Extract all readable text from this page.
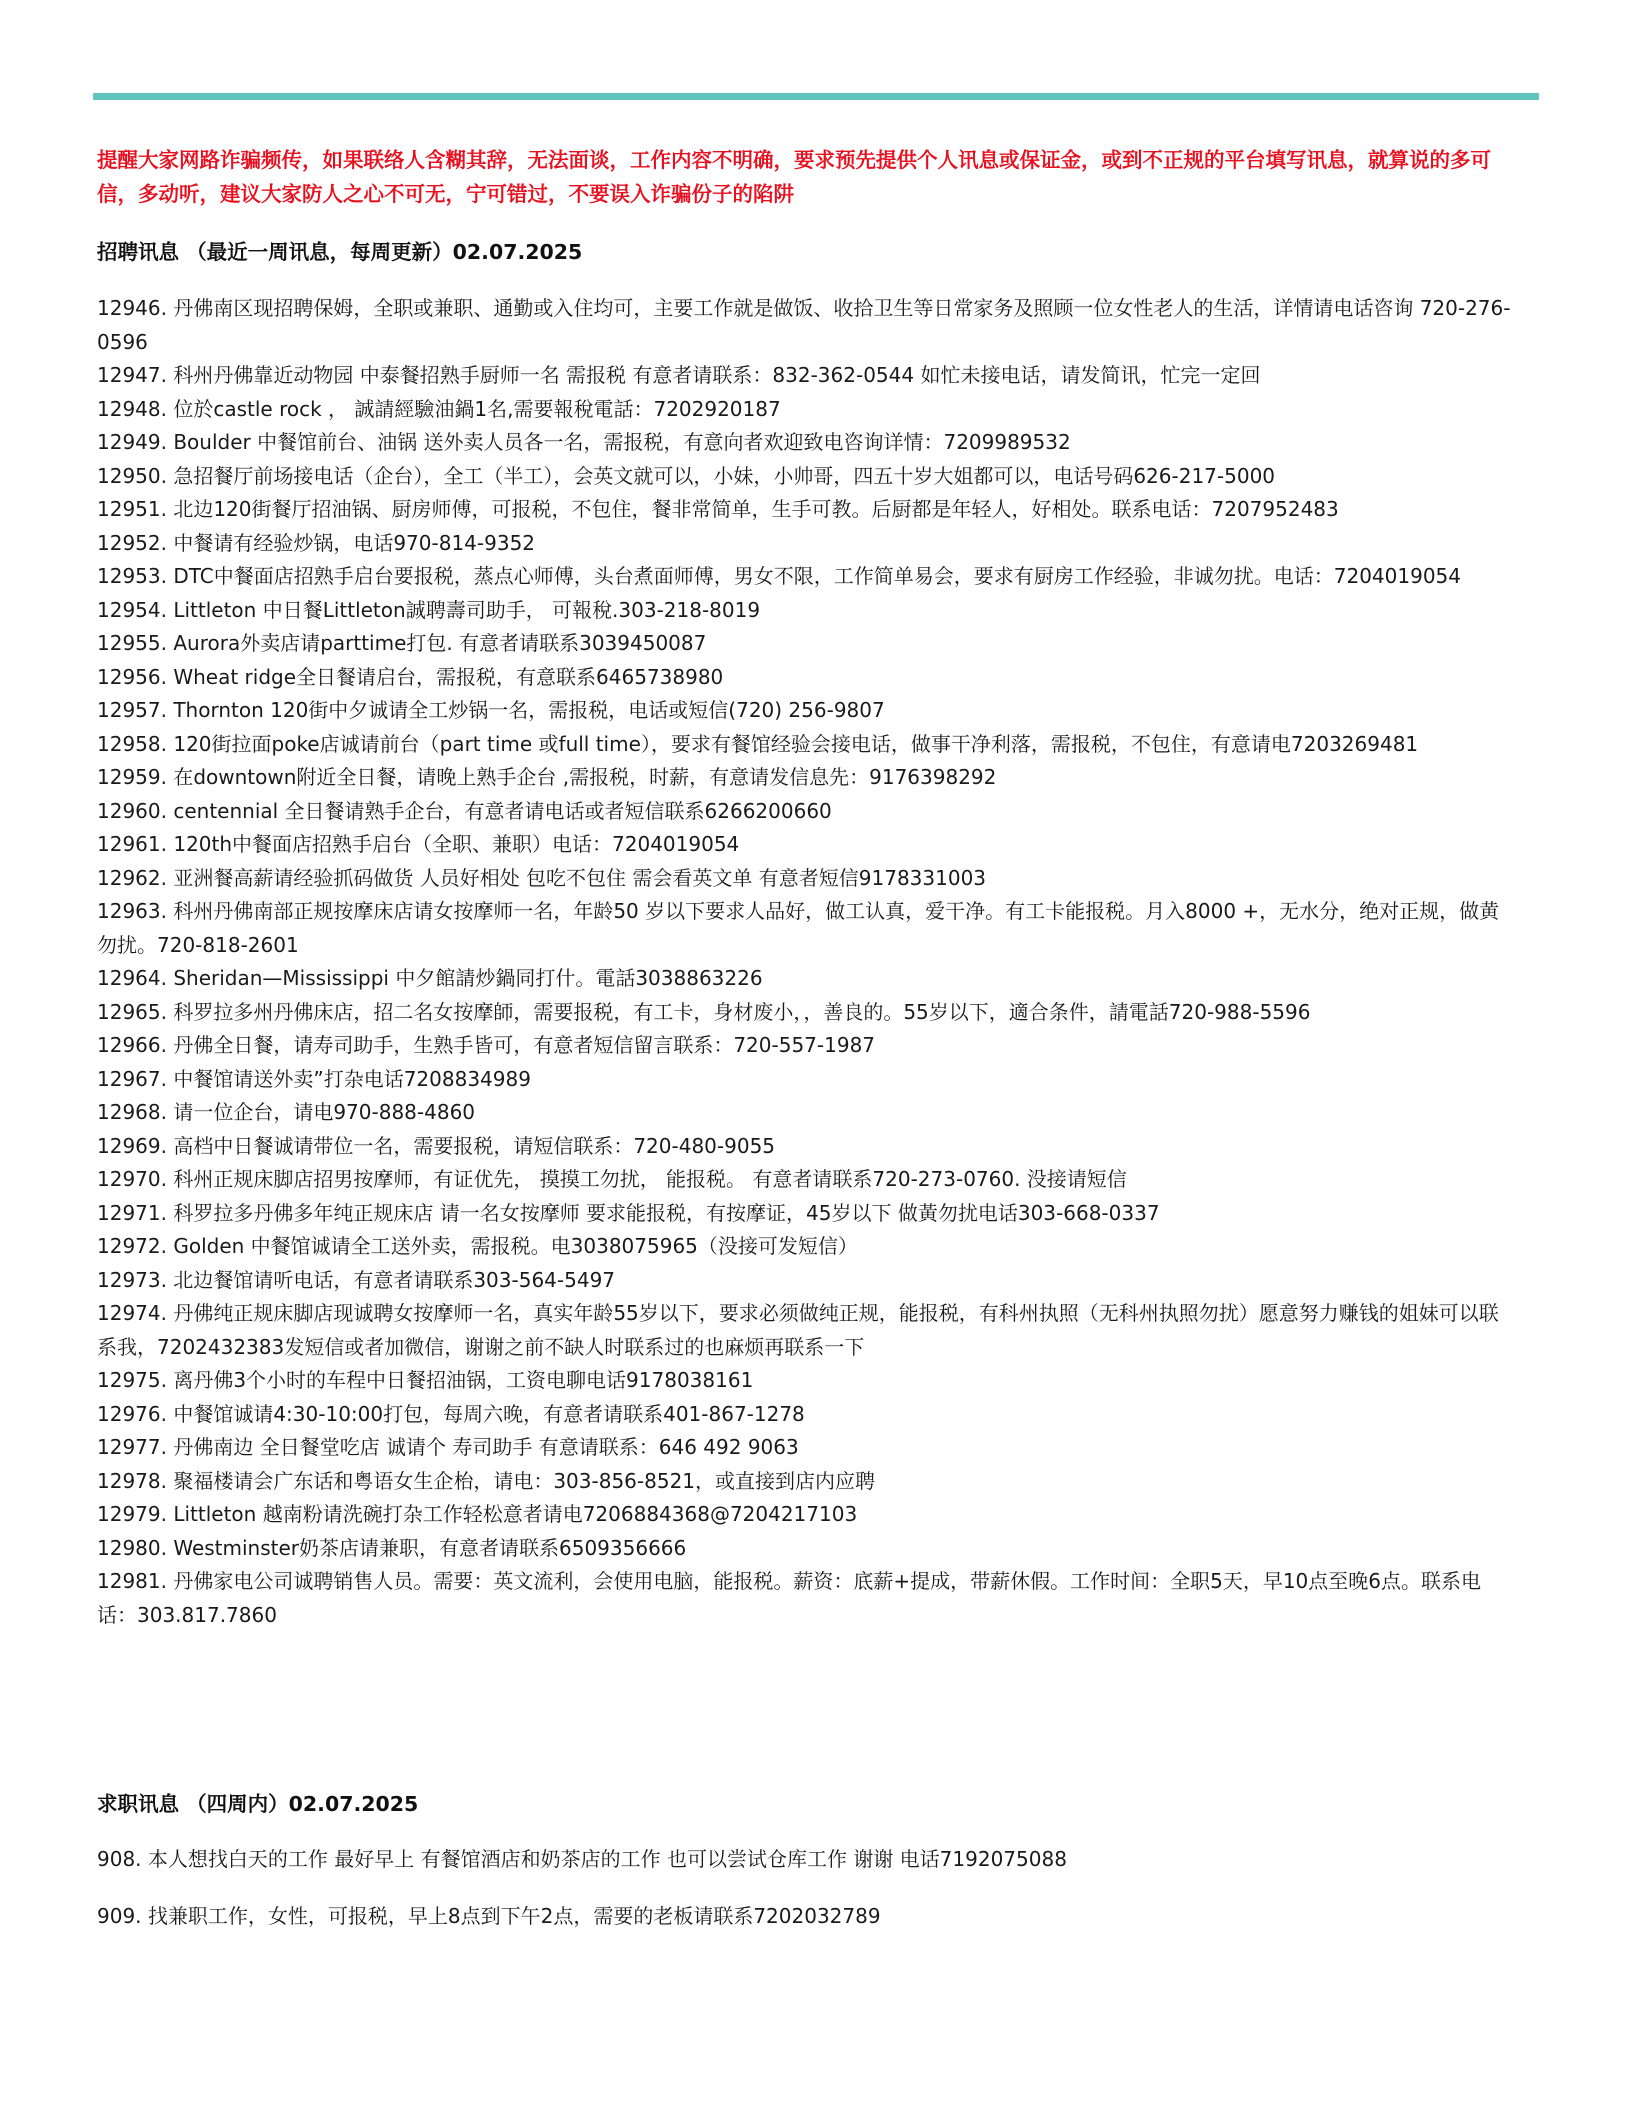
提醒大家网路诈骗频传，如果联络人含糊其辞，无法面谈，工作内容不明确，要求预先提供个人讯息或保证金，或到不正规的平台填写讯息，就算说的多可信，多动听，建议大家防人之心不可无，宁可错过，不要误入诈骗份子的陷阱
招聘讯息 （最近一周讯息，每周更新）02.07.2025
12946. 丹佛南区现招聘保姆，全职或兼职、通勤或入住均可，主要工作就是做饭、收拾卫生等日常家务及照顾一位女性老人的生活，详情请电话咨询 720-276-0596
12947. 科州丹佛靠近动物园 中泰餐招熟手厨师一名 需报税 有意者请联系：832-362-0544 如忙未接电话，请发简讯，忙完一定回
12948. 位於castle rock ， 誠請經驗油鍋1名,需要報稅電話：7202920187
12949. Boulder 中餐馆前台、油锅 送外卖人员各一名，需报税，有意向者欢迎致电咨询详情：7209989532
12950. 急招餐厅前场接电话（企台），全工（半工），会英文就可以，小妹，小帅哥，四五十岁大姐都可以，电话号码626-217-5000
12951. 北边120街餐厅招油锅、厨房师傅，可报税，不包住，餐非常简单，生手可教。后厨都是年轻人，好相处。联系电话：7207952483
12952. 中餐请有经验炒锅，电话970-814-9352
12953. DTC中餐面店招熟手启台要报税，蒸点心师傅，头台煮面师傅，男女不限，工作简单易会，要求有厨房工作经验，非诚勿扰。电话：7204019054
12954. Littleton 中日餐Littleton誠聘壽司助手， 可報稅.303-218-8019
12955. Aurora外卖店请parttime打包. 有意者请联系3039450087
12956. Wheat ridge全日餐请启台，需报税，有意联系6465738980
12957. Thornton 120街中夕诚请全工炒锅一名，需报税，电话或短信(720) 256-9807
12958. 120街拉面poke店诚请前台（part time 或full time），要求有餐馆经验会接电话，做事干净利落，需报税，不包住，有意请电7203269481
12959. 在downtown附近全日餐，请晚上熟手企台 ,需报税，时薪，有意请发信息先：9176398292
12960. centennial 全日餐请熟手企台，有意者请电话或者短信联系6266200660
12961. 120th中餐面店招熟手启台（全职、兼职）电话：7204019054
12962. 亚洲餐高薪请经验抓码做货 人员好相处 包吃不包住 需会看英文单 有意者短信9178331003
12963. 科州丹佛南部正规按摩床店请女按摩师一名，年龄50 岁以下要求人品好，做工认真，爱干净。有工卡能报税。月入8000 +，无水分，绝对正规，做黄勿扰。720-818-2601
12964. Sheridan—Mississippi 中夕館請炒鍋同打什。電話3038863226
12965. 科罗拉多州丹佛床店，招二名女按摩師，需要报税，有工卡，身材废小，，善良的。55岁以下，適合条件，請電話720-988-5596
12966. 丹佛全日餐，请寿司助手，生熟手皆可，有意者短信留言联系：720-557-1987
12967. 中餐馆请送外卖”打杂电话7208834989
12968. 请一位企台，请电970-888-4860
12969. 高档中日餐诚请带位一名，需要报税，请短信联系：720-480-9055
12970. 科州正规床脚店招男按摩师，有证优先， 摸摸工勿扰， 能报税。 有意者请联系720-273-0760. 没接请短信
12971. 科罗拉多丹佛多年纯正规床店 请一名女按摩师 要求能报税，有按摩证，45岁以下 做黃勿扰电话303-668-0337
12972. Golden 中餐馆诚请全工送外卖，需报税。电3038075965（没接可发短信）
12973. 北边餐馆请听电话，有意者请联系303-564-5497
12974. 丹佛纯正规床脚店现诚聘女按摩师一名，真实年龄55岁以下，要求必须做纯正规，能报税，有科州执照（无科州执照勿扰）愿意努力赚钱的姐妹可以联系我，7202432383发短信或者加微信，谢谢之前不缺人时联系过的也麻烦再联系一下
12975. 离丹佛3个小时的车程中日餐招油锅，工资电聊电话9178038161
12976. 中餐馆诚请4:30-10:00打包，每周六晚，有意者请联系401-867-1278
12977. 丹佛南边 全日餐堂吃店 诚请个 寿司助手 有意请联系：646 492 9063
12978. 聚福楼请会广东话和粤语女生企枱，请电：303-856-8521，或直接到店内应聘
12979. Littleton 越南粉请洗碗打杂工作轻松意者请电7206884368@7204217103
12980. Westminster奶茶店请兼职，有意者请联系6509356666
12981. 丹佛家电公司诚聘销售人员。需要：英文流利，会使用电脑，能报税。薪资：底薪+提成，带薪休假。工作时间：全职5天，早10点至晚6点。联系电话：303.817.7860
求职讯息 （四周内）02.07.2025
908. 本人想找白天的工作 最好早上 有餐馆酒店和奶茶店的工作 也可以尝试仓库工作 谢谢 电话7192075088
909. 找兼职工作，女性，可报税，早上8点到下午2点，需要的老板请联系7202032789
